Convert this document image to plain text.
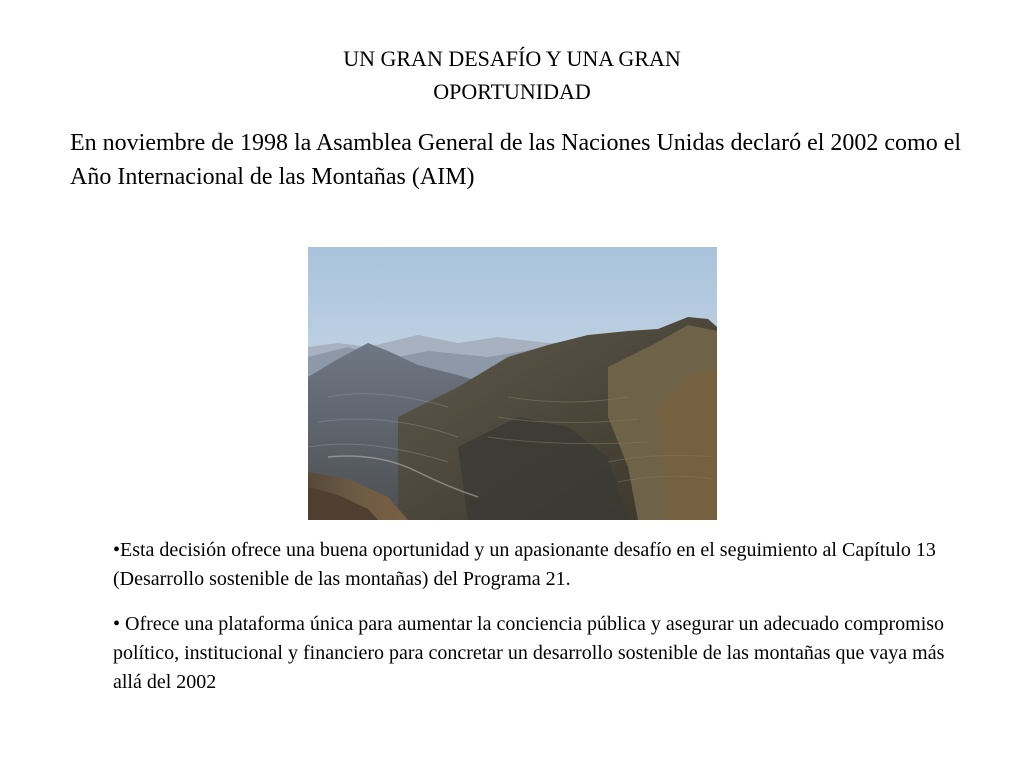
UN GRAN DESAFÍO Y UNA GRAN
OPORTUNIDAD
En noviembre de 1998 la Asamblea General de las Naciones Unidas declaró el 2002 como el Año Internacional de las Montañas (AIM)

•Esta decisión ofrece una buena oportunidad y un apasionante desafío en el seguimiento al Capítulo 13 (Desarrollo sostenible de las montañas) del Programa 21.

• Ofrece una plataforma única para aumentar la conciencia pública y asegurar un adecuado compromiso político, institucional y financiero para concretar un desarrollo sostenible de las montañas que vaya más allá del 2002
